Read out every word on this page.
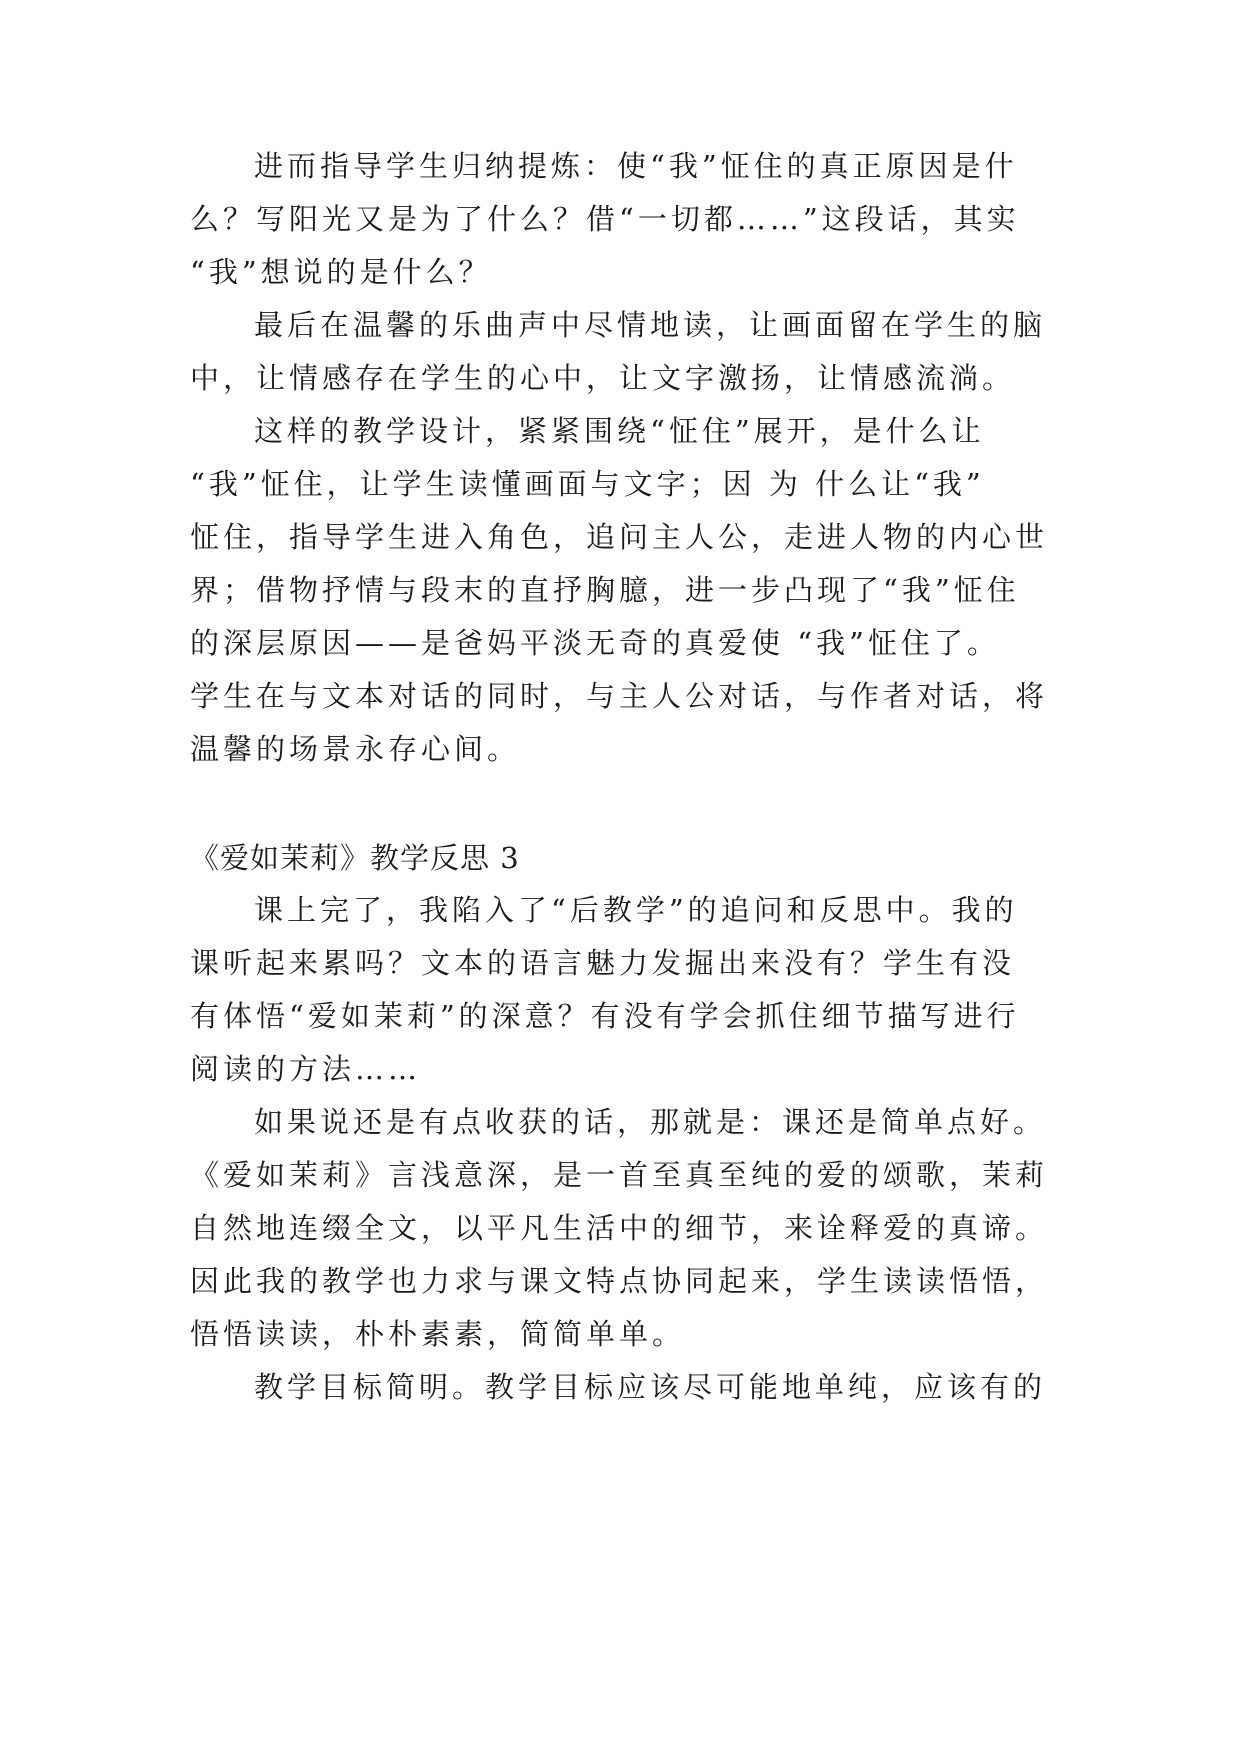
进而指导学生归纳提炼：使“我”怔住的真正原因是什

么？写阳光又是为了什么？借“一切都……”这段话，其实

“我”想说的是什么？

最后在温馨的乐曲声中尽情地读，让画面留在学生的脑

中，让情感存在学生的心中，让文字激扬，让情感流淌。

这样的教学设计，紧紧围绕“怔住”展开，是什么让

“我”怔住，让学生读懂画面与文字；因 为 什么让“我”

怔住，指导学生进入角色，追问主人公，走进人物的内心世

界；借物抒情与段末的直抒胸臆，进一步凸现了“我”怔住

的深层原因——是爸妈平淡无奇的真爱使 “我”怔住了。

学生在与文本对话的同时，与主人公对话，与作者对话，将

温馨的场景永存心间。

《爱如茉莉》教学反思 3

课上完了，我陷入了“后教学”的追问和反思中。我的

课听起来累吗？文本的语言魅力发掘出来没有？学生有没

有体悟“爱如茉莉”的深意？有没有学会抓住细节描写进行

阅读的方法……

如果说还是有点收获的话，那就是：课还是简单点好。

《爱如茉莉》言浅意深，是一首至真至纯的爱的颂歌，茉莉

自然地连缀全文，以平凡生活中的细节，来诠释爱的真谛。

因此我的教学也力求与课文特点协同起来，学生读读悟悟，

悟悟读读，朴朴素素，简简单单。

教学目标简明。教学目标应该尽可能地单纯，应该有的
